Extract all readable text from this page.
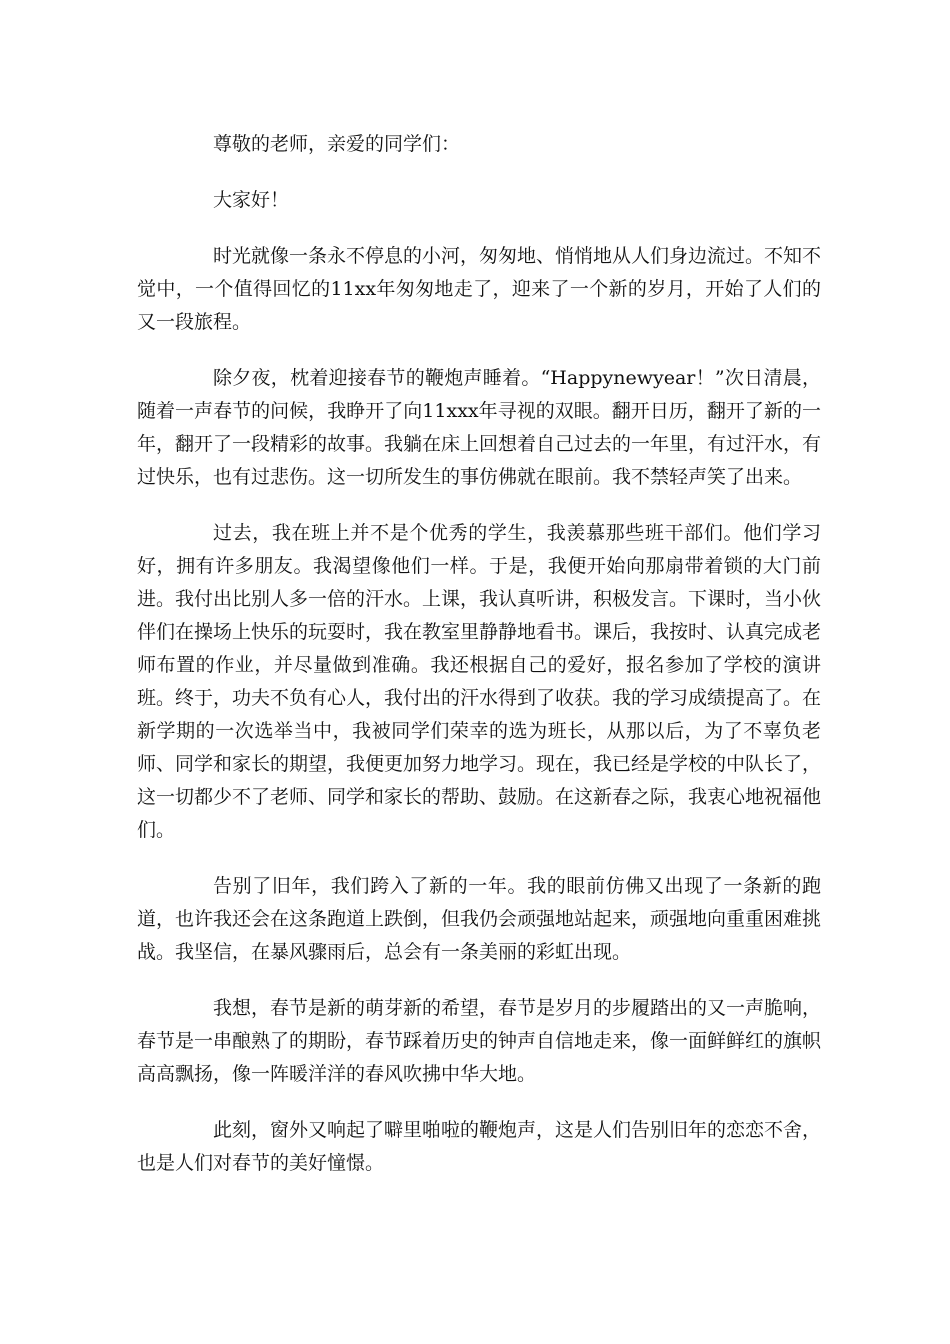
尊敬的老师，亲爱的同学们：

大家好！

时光就像一条永不停息的小河，匆匆地、悄悄地从人们身边流过。不知不觉中，一个值得回忆的11xx年匆匆地走了，迎来了一个新的岁月，开始了人们的又一段旅程。

除夕夜，枕着迎接春节的鞭炮声睡着。“Happynewyear！”次日清晨，随着一声春节的问候，我睁开了向11xxx年寻视的双眼。翻开日历，翻开了新的一年，翻开了一段精彩的故事。我躺在床上回想着自己过去的一年里，有过汗水，有过快乐，也有过悲伤。这一切所发生的事仿佛就在眼前。我不禁轻声笑了出来。

过去，我在班上并不是个优秀的学生，我羡慕那些班干部们。他们学习好，拥有许多朋友。我渴望像他们一样。于是，我便开始向那扇带着锁的大门前进。我付出比别人多一倍的汗水。上课，我认真听讲，积极发言。下课时，当小伙伴们在操场上快乐的玩耍时，我在教室里静静地看书。课后，我按时、认真完成老师布置的作业，并尽量做到准确。我还根据自己的爱好，报名参加了学校的演讲班。终于，功夫不负有心人，我付出的汗水得到了收获。我的学习成绩提高了。在新学期的一次选举当中，我被同学们荣幸的选为班长，从那以后，为了不辜负老师、同学和家长的期望，我便更加努力地学习。现在，我已经是学校的中队长了，这一切都少不了老师、同学和家长的帮助、鼓励。在这新春之际，我衷心地祝福他们。

告别了旧年，我们跨入了新的一年。我的眼前仿佛又出现了一条新的跑道，也许我还会在这条跑道上跌倒，但我仍会顽强地站起来，顽强地向重重困难挑战。我坚信，在暴风骤雨后，总会有一条美丽的彩虹出现。

我想，春节是新的萌芽新的希望，春节是岁月的步履踏出的又一声脆响，春节是一串酿熟了的期盼，春节踩着历史的钟声自信地走来，像一面鲜鲜红的旗帜高高飘扬，像一阵暖洋洋的春风吹拂中华大地。

此刻，窗外又响起了噼里啪啦的鞭炮声，这是人们告别旧年的恋恋不舍，也是人们对春节的美好憧憬。
